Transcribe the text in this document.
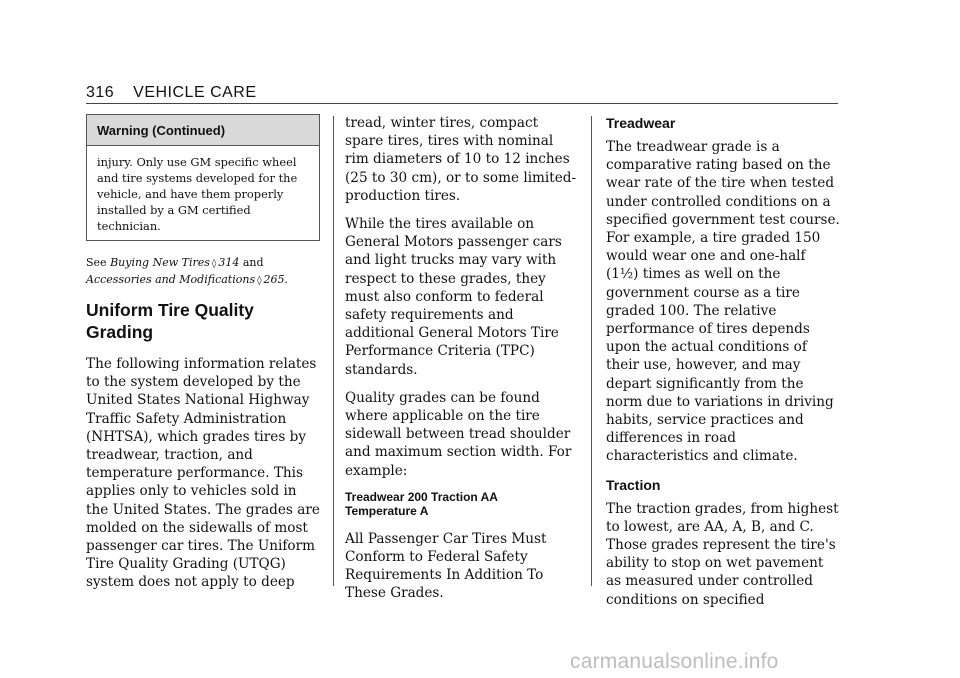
316 VEHICLE CARE
Warning (Continued)
injury. Only use GM specific wheel and tire systems developed for the vehicle, and have them properly installed by a GM certified technician.

See Buying New Tires ◊ 314 and Accessories and Modifications ◊ 265.

Uniform Tire Quality Grading

The following information relates to the system developed by the United States National Highway Traffic Safety Administration (NHTSA), which grades tires by treadwear, traction, and temperature performance. This applies only to vehicles sold in the United States. The grades are molded on the sidewalls of most passenger car tires. The Uniform Tire Quality Grading (UTQG) system does not apply to deep

tread, winter tires, compact spare tires, tires with nominal rim diameters of 10 to 12 inches (25 to 30 cm), or to some limited-production tires.

While the tires available on General Motors passenger cars and light trucks may vary with respect to these grades, they must also conform to federal safety requirements and additional General Motors Tire Performance Criteria (TPC) standards.

Quality grades can be found where applicable on the tire sidewall between tread shoulder and maximum section width. For example:

Treadwear 200 Traction AA
Temperature A

All Passenger Car Tires Must Conform to Federal Safety Requirements In Addition To These Grades.

Treadwear

The treadwear grade is a comparative rating based on the wear rate of the tire when tested under controlled conditions on a specified government test course. For example, a tire graded 150 would wear one and one-half (1½) times as well on the government course as a tire graded 100. The relative performance of tires depends upon the actual conditions of their use, however, and may depart significantly from the norm due to variations in driving habits, service practices and differences in road characteristics and climate.

Traction

The traction grades, from highest to lowest, are AA, A, B, and C. Those grades represent the tire's ability to stop on wet pavement as measured under controlled conditions on specified

carmanualsonline.info
